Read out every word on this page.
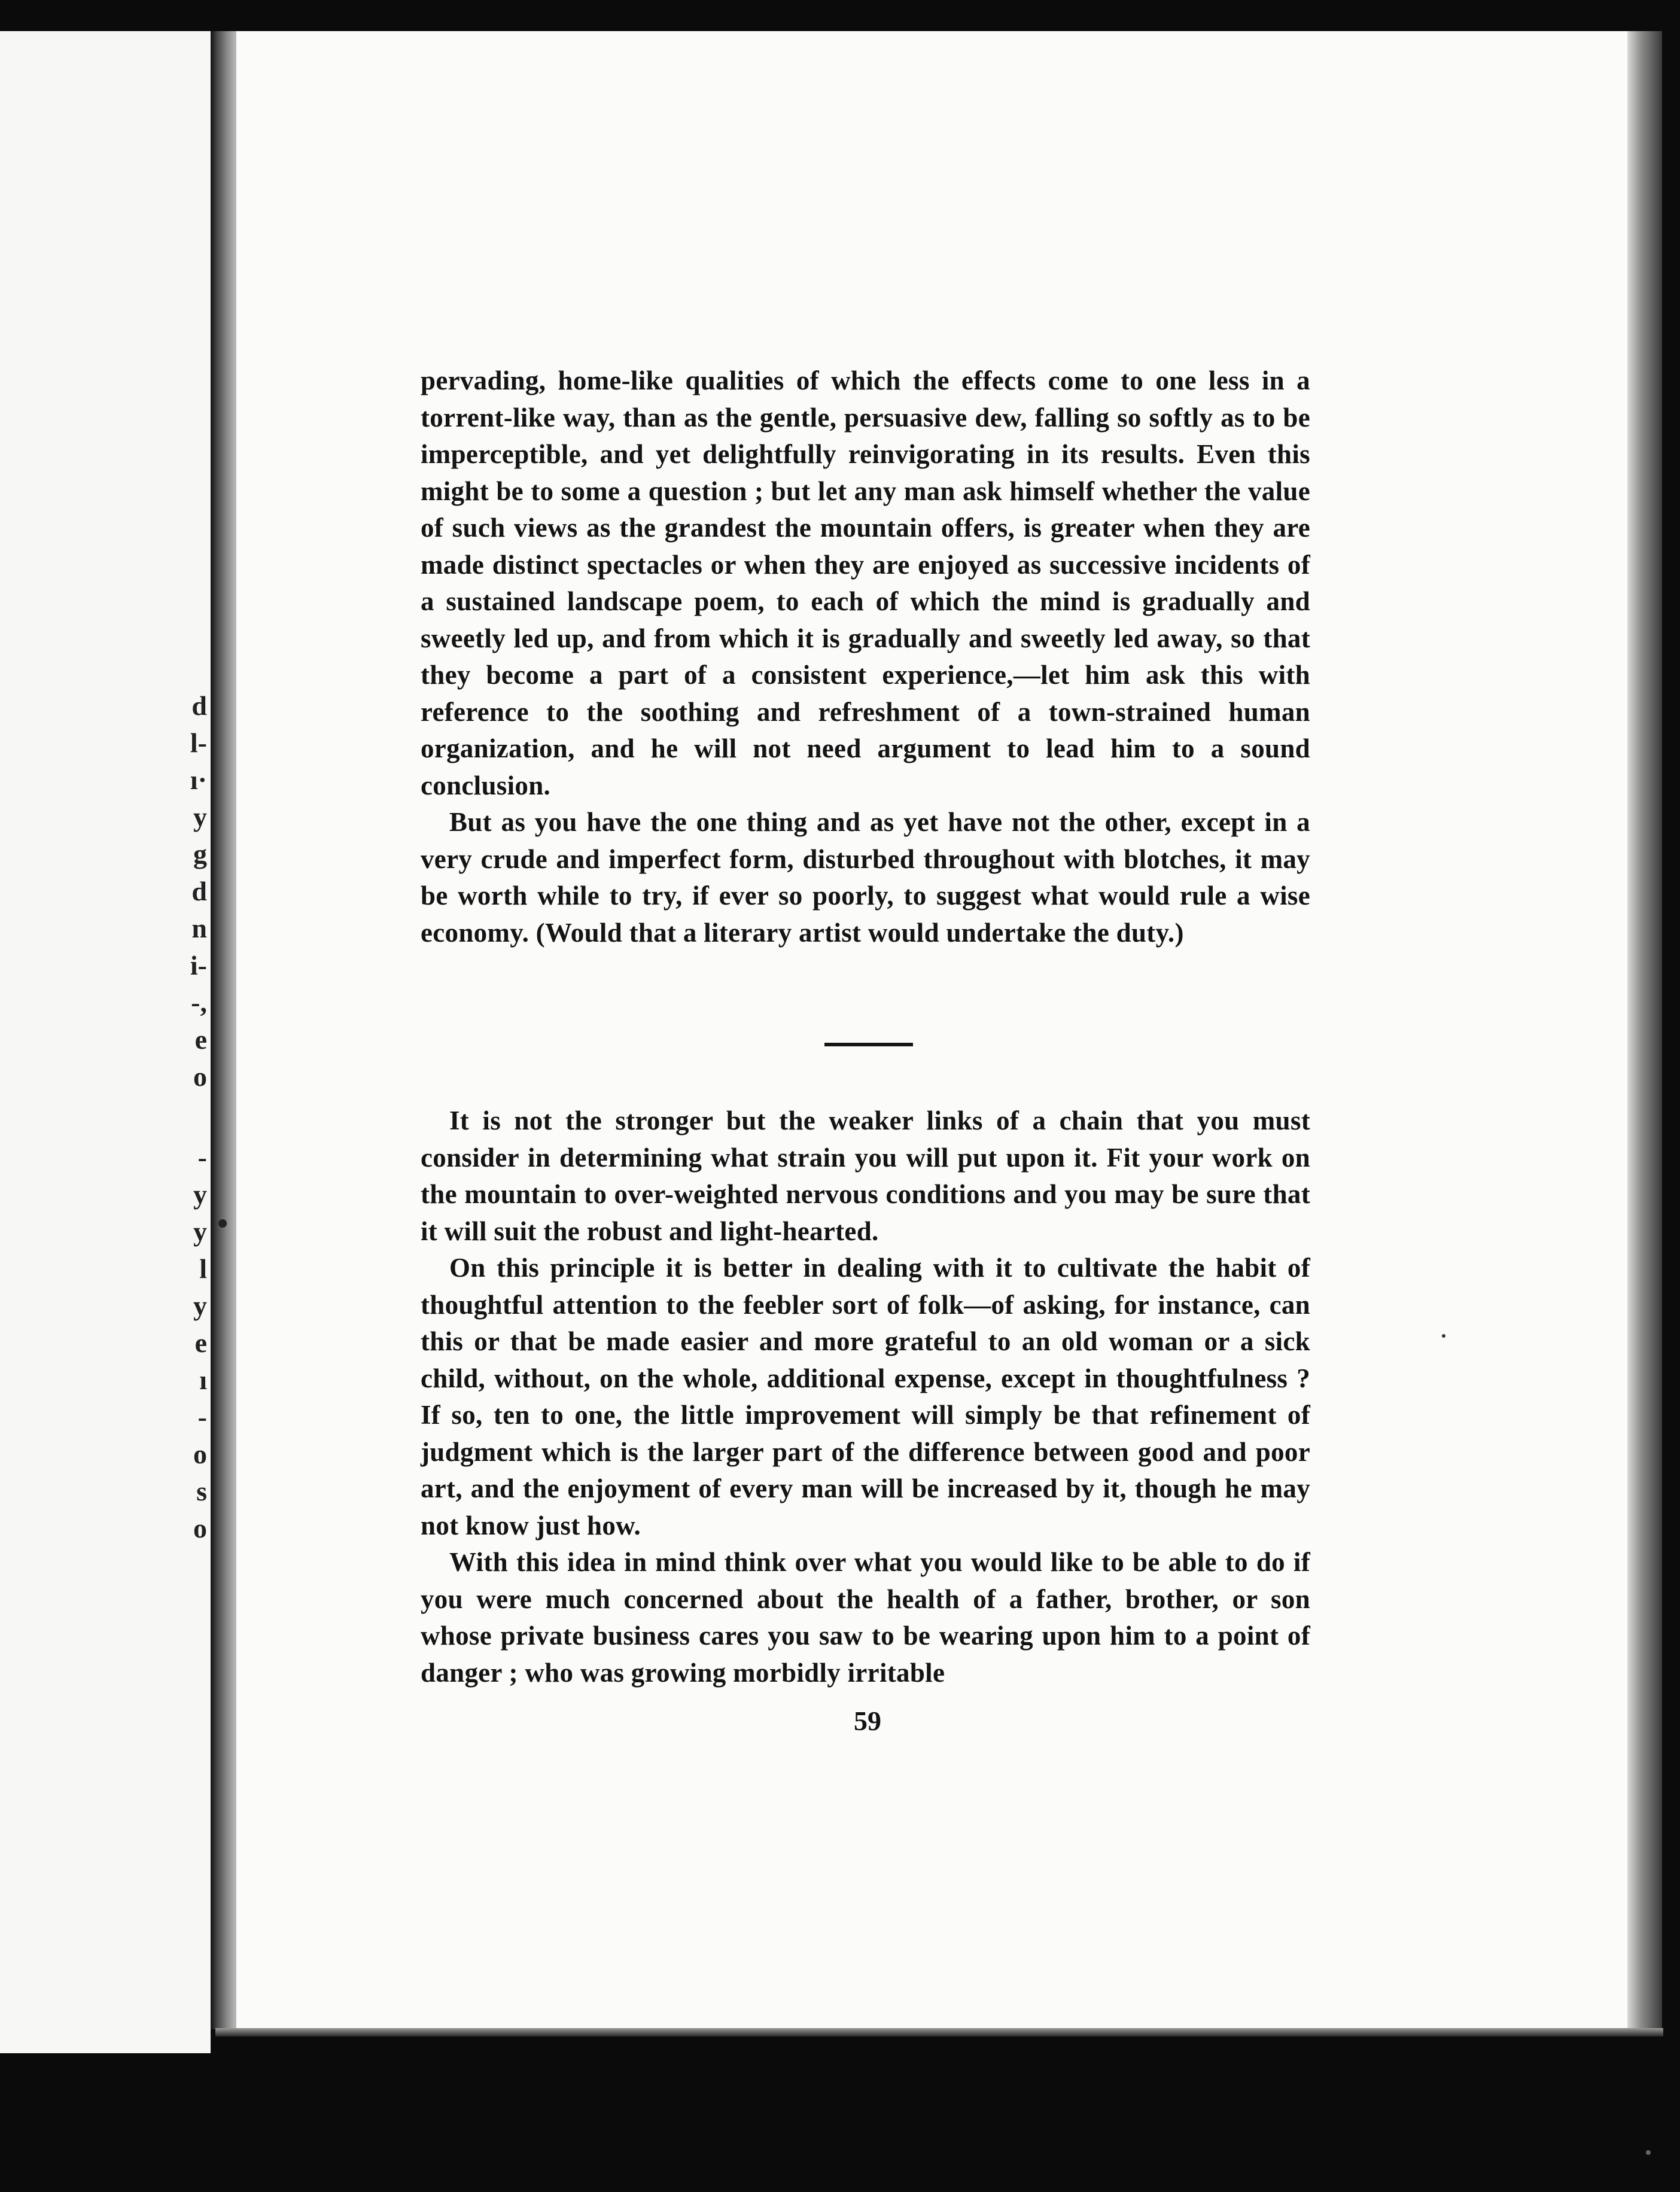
d
l-
ı·
y
g
d
n
i-
-,
e
o
-
y
y
l
y
e
ı
-
o
s
o

pervading, home-like qualities of which the effects come to one less in a torrent-like way, than as the gentle, persuasive dew, falling so softly as to be imperceptible, and yet delightfully reinvigorating in its results. Even this might be to some a question ; but let any man ask himself whether the value of such views as the grandest the mountain offers, is greater when they are made distinct spectacles or when they are enjoyed as successive incidents of a sustained landscape poem, to each of which the mind is gradually and sweetly led up, and from which it is gradually and sweetly led away, so that they become a part of a consistent experience,—let him ask this with reference to the soothing and refreshment of a town-strained human organization, and he will not need argument to lead him to a sound conclusion.

But as you have the one thing and as yet have not the other, except in a very crude and imperfect form, disturbed throughout with blotches, it may be worth while to try, if ever so poorly, to suggest what would rule a wise economy. (Would that a literary artist would undertake the duty.)

It is not the stronger but the weaker links of a chain that you must consider in determining what strain you will put upon it. Fit your work on the mountain to over-weighted nervous conditions and you may be sure that it will suit the robust and light-hearted.

On this principle it is better in dealing with it to cultivate the habit of thoughtful attention to the feebler sort of folk—of asking, for instance, can this or that be made easier and more grateful to an old woman or a sick child, without, on the whole, additional expense, except in thoughtfulness ? If so, ten to one, the little improvement will simply be that refinement of judgment which is the larger part of the difference between good and poor art, and the enjoyment of every man will be increased by it, though he may not know just how.

With this idea in mind think over what you would like to be able to do if you were much concerned about the health of a father, brother, or son whose private business cares you saw to be wearing upon him to a point of danger ; who was growing morbidly irritable

59
